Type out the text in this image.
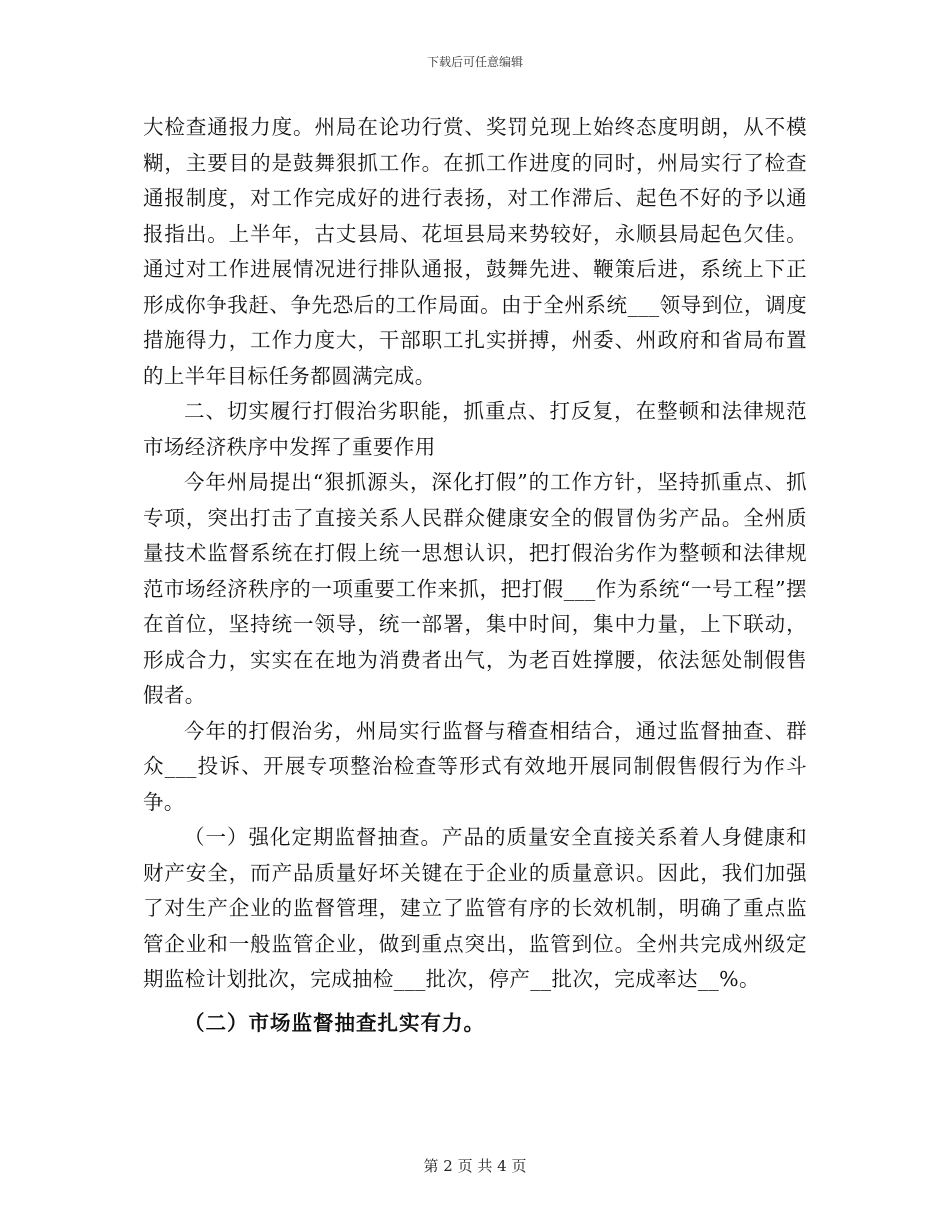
下载后可任意编辑

大检查通报力度。州局在论功行赏、奖罚兑现上始终态度明朗，从不模糊，主要目的是鼓舞狠抓工作。在抓工作进度的同时，州局实行了检查通报制度，对工作完成好的进行表扬，对工作滞后、起色不好的予以通报指出。上半年，古丈县局、花垣县局来势较好，永顺县局起色欠佳。通过对工作进展情况进行排队通报，鼓舞先进、鞭策后进，系统上下正形成你争我赶、争先恐后的工作局面。由于全州系统___领导到位，调度措施得力，工作力度大，干部职工扎实拼搏，州委、州政府和省局布置的上半年目标任务都圆满完成。

二、切实履行打假治劣职能，抓重点、打反复，在整顿和法律规范市场经济秩序中发挥了重要作用

今年州局提出“狠抓源头，深化打假”的工作方针，坚持抓重点、抓专项，突出打击了直接关系人民群众健康安全的假冒伪劣产品。全州质量技术监督系统在打假上统一思想认识，把打假治劣作为整顿和法律规范市场经济秩序的一项重要工作来抓，把打假___作为系统“一号工程”摆在首位，坚持统一领导，统一部署，集中时间，集中力量，上下联动，形成合力，实实在在地为消费者出气，为老百姓撑腰，依法惩处制假售假者。

今年的打假治劣，州局实行监督与稽查相结合，通过监督抽查、群众___投诉、开展专项整治检查等形式有效地开展同制假售假行为作斗争。

（一）强化定期监督抽查。产品的质量安全直接关系着人身健康和财产安全，而产品质量好坏关键在于企业的质量意识。因此，我们加强了对生产企业的监督管理，建立了监管有序的长效机制，明确了重点监管企业和一般监管企业，做到重点突出，监管到位。全州共完成州级定期监检计划批次，完成抽检___批次，停产__批次，完成率达__%。

（二）市场监督抽查扎实有力。

第 2 页 共 4 页
